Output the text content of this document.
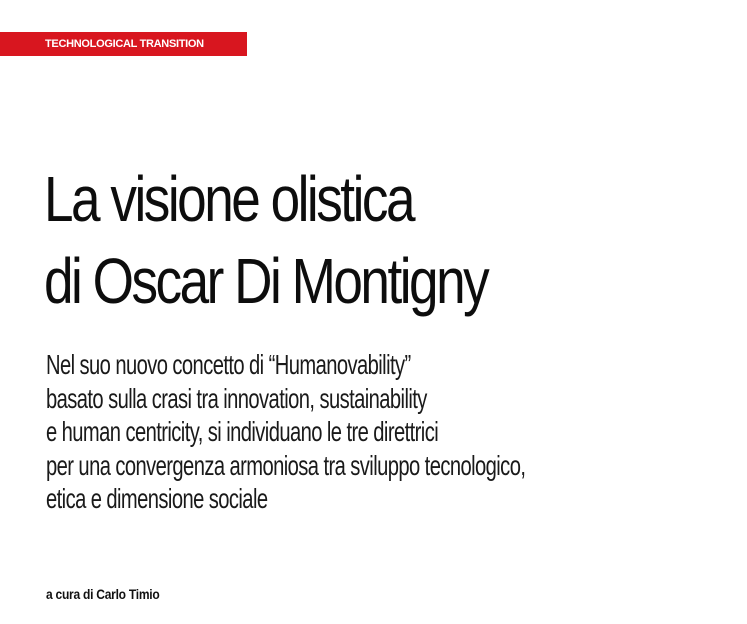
TECHNOLOGICAL TRANSITION
La visione olistica
di Oscar Di Montigny

Nel suo nuovo concetto di “Humanovability”
basato sulla crasi tra innovation, sustainability
e human centricity, si individuano le tre direttrici
per una convergenza armoniosa tra sviluppo tecnologico,
etica e dimensione sociale

a cura di Carlo Timio
